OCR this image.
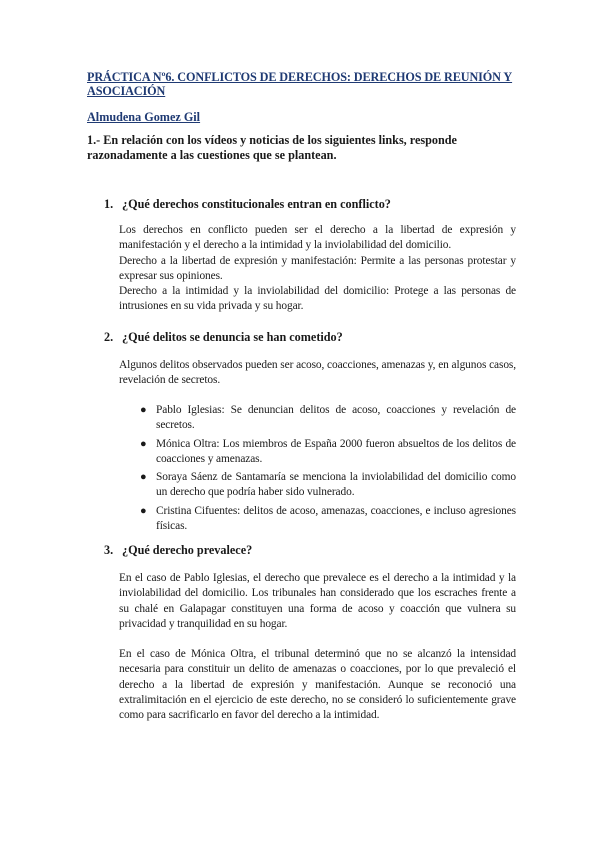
PRÁCTICA Nº6. CONFLICTOS DE DERECHOS: DERECHOS DE REUNIÓN Y ASOCIACIÓN
Almudena Gomez Gil
1.- En relación con los vídeos y noticias de los siguientes links, responde razonadamente a las cuestiones que se plantean.
1. ¿Qué derechos constitucionales entran en conflicto?

Los derechos en conflicto pueden ser el derecho a la libertad de expresión y manifestación y el derecho a la intimidad y la inviolabilidad del domicilio.

Derecho a la libertad de expresión y manifestación: Permite a las personas protestar y expresar sus opiniones.

Derecho a la intimidad y la inviolabilidad del domicilio: Protege a las personas de intrusiones en su vida privada y su hogar.

2. ¿Qué delitos se denuncia se han cometido?

Algunos delitos observados pueden ser acoso, coacciones, amenazas y, en algunos casos, revelación de secretos.

● Pablo Iglesias: Se denuncian delitos de acoso, coacciones y revelación de secretos.
● Mónica Oltra: Los miembros de España 2000 fueron absueltos de los delitos de coacciones y amenazas.
● Soraya Sáenz de Santamaría se menciona la inviolabilidad del domicilio como un derecho que podría haber sido vulnerado.
● Cristina Cifuentes: delitos de acoso, amenazas, coacciones, e incluso agresiones físicas.
3. ¿Qué derecho prevalece?
En el caso de Pablo Iglesias, el derecho que prevalece es el derecho a la intimidad y la inviolabilidad del domicilio. Los tribunales han considerado que los escraches frente a su chalé en Galapagar constituyen una forma de acoso y coacción que vulnera su privacidad y tranquilidad en su hogar.
En el caso de Mónica Oltra, el tribunal determinó que no se alcanzó la intensidad necesaria para constituir un delito de amenazas o coacciones, por lo que prevaleció el derecho a la libertad de expresión y manifestación. Aunque se reconoció una extralimitación en el ejercicio de este derecho, no se consideró lo suficientemente grave como para sacrificarlo en favor del derecho a la intimidad.
